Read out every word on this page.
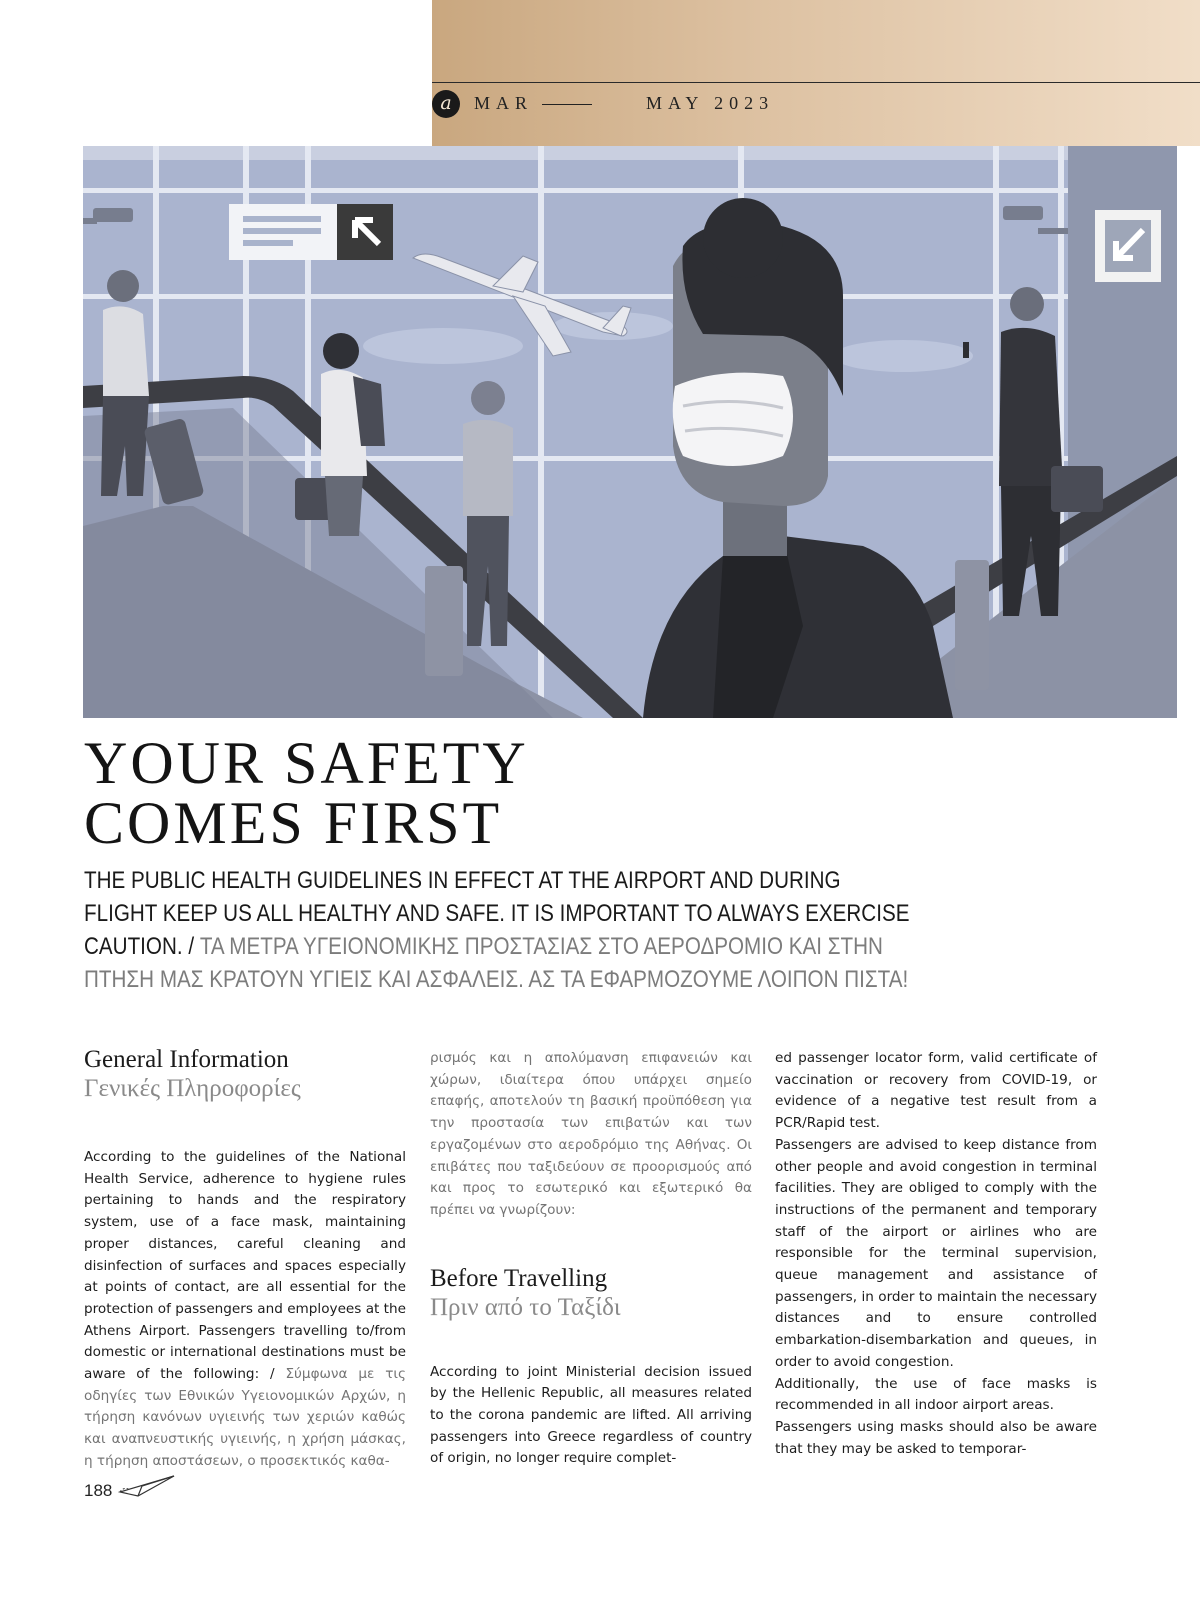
a	MAR	MAY 2023
YOUR SAFETY
COMES FIRST
THE PUBLIC HEALTH GUIDELINES IN EFFECT AT THE AIRPORT AND DURING FLIGHT KEEP US ALL HEALTHY AND SAFE. IT IS IMPORTANT TO ALWAYS EXERCISE CAUTION. / ΤΑ ΜΕΤΡΑ ΥΓΕΙΟΝΟΜΙΚΗΣ ΠΡΟΣΤΑΣΙΑΣ ΣΤΟ ΑΕΡΟΔΡΟΜΙΟ ΚΑΙ ΣΤΗΝ ΠΤΗΣΗ ΜΑΣ ΚΡΑΤΟΥΝ ΥΓΙΕΙΣ ΚΑΙ ΑΣΦΑΛΕΙΣ. ΑΣ ΤΑ ΕΦΑΡΜΟΖΟΥΜΕ ΛΟΙΠΟΝ ΠΙΣΤΑ!
General Information
Γενικές Πληροφορίες

According to the guidelines of the National Health Service, adherence to hygiene rules pertaining to hands and the respiratory system, use of a face mask, maintaining proper distances, careful cleaning and disinfection of surfaces and spaces especially at points of contact, are all essential for the protection of passengers and employees at the Athens Airport. Passengers travelling to/from domestic or international destinations must be aware of the following: / Σύμφωνα με τις οδηγίες των Εθνικών Υγειονομικών Αρχών, η τήρηση κανόνων υγιεινής των χεριών καθώς και αναπνευστικής υγιεινής, η χρήση μάσκας, η τήρηση αποστάσεων, ο προσεκτικός καθα-

ρισμός και η απολύμανση επιφανειών και χώρων, ιδιαίτερα όπου υπάρχει σημείο επαφής, αποτελούν τη βασική προϋπόθεση για την προστασία των επιβατών και των εργαζομένων στο αεροδρόμιο της Αθήνας. Οι επιβάτες που ταξιδεύουν σε προορισμούς από και προς το εσωτερικό και εξωτερικό θα πρέπει να γνωρίζουν:

Before Travelling
Πριν από το Ταξίδι

According to joint Ministerial decision issued by the Hellenic Republic, all measures related to the corona pandemic are lifted. All arriving passengers into Greece regardless of country of origin, no longer require complet-

ed passenger locator form, valid certificate of vaccination or recovery from COVID-19, or evidence of a negative test result from a PCR/Rapid test.

Passengers are advised to keep distance from other people and avoid congestion in terminal facilities. They are obliged to comply with the instructions of the permanent and temporary staff of the airport or airlines who are responsible for the terminal supervision, queue management and assistance of passengers, in order to maintain the necessary distances and to ensure controlled embarkation-disembarkation and queues, in order to avoid congestion.

Additionally, the use of face masks is recommended in all indoor airport areas.

Passengers using masks should also be aware that they may be asked to temporar-

188
